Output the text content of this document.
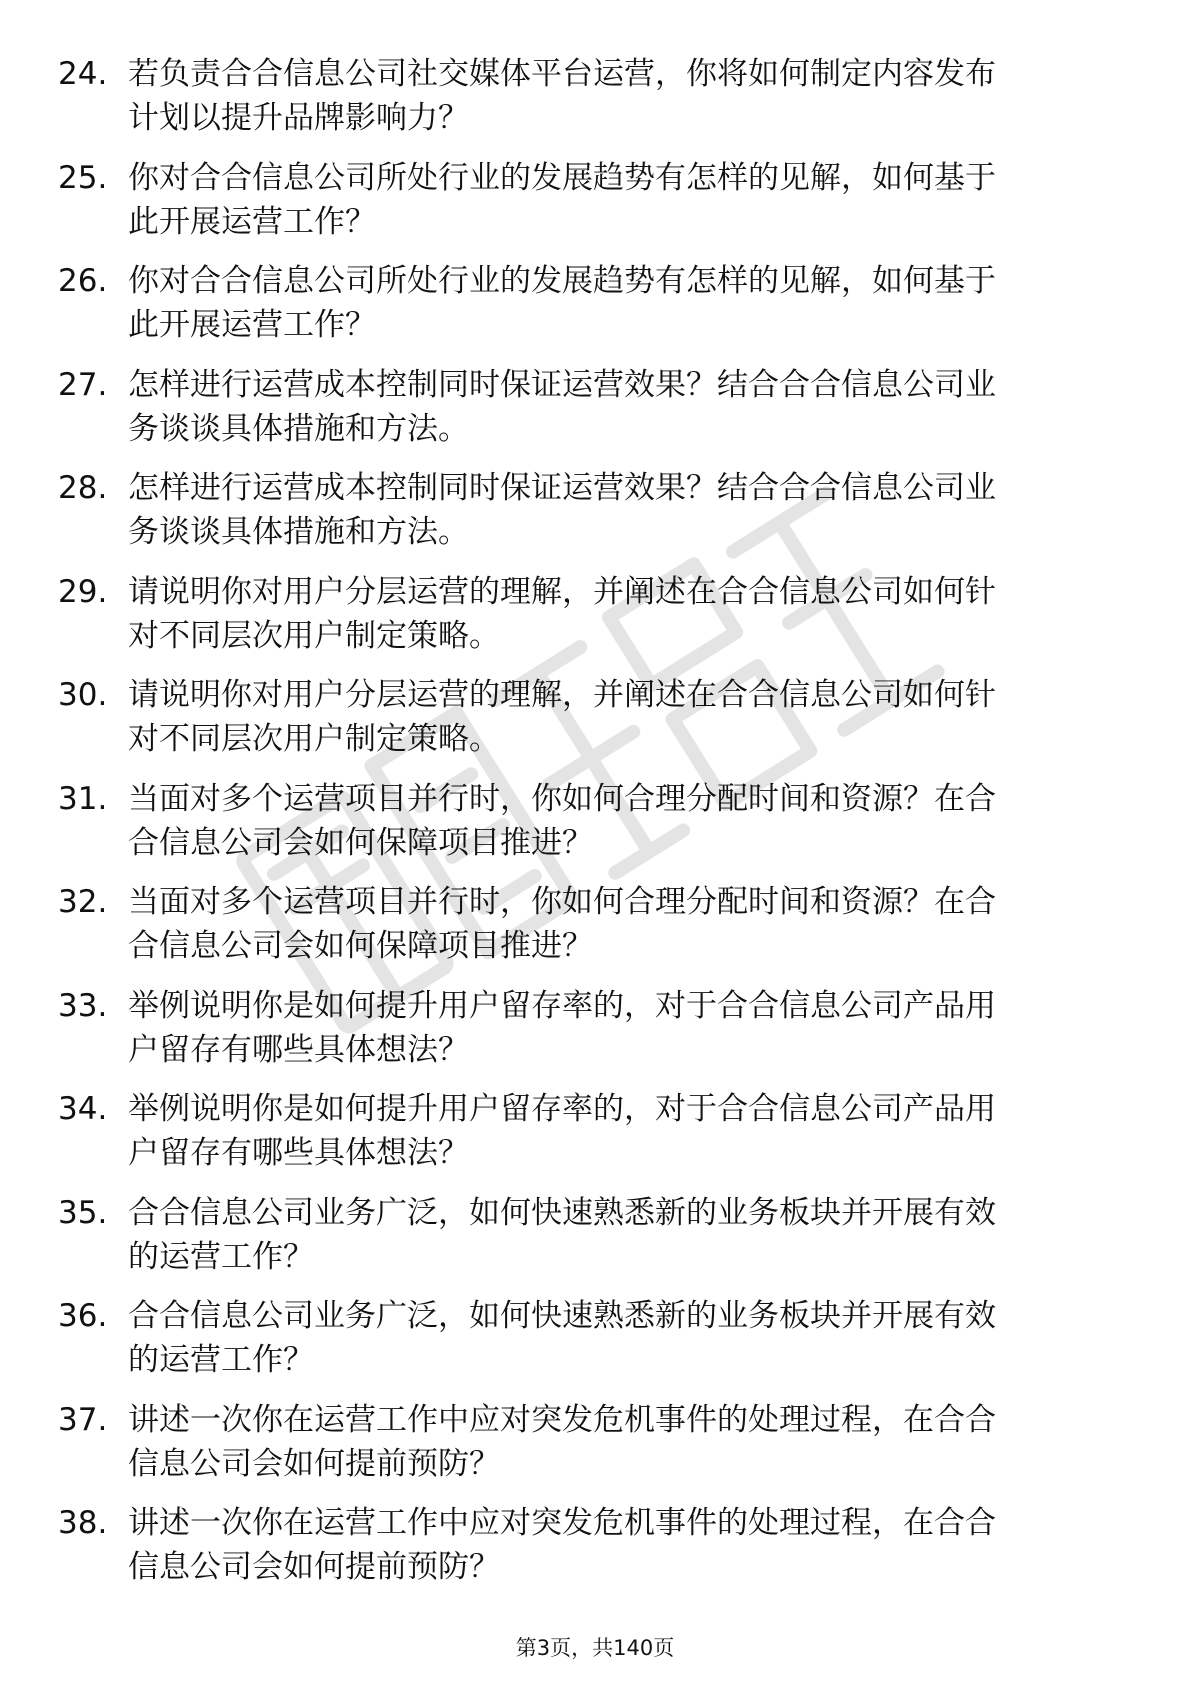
24. 若负责合合信息公司社交媒体平台运营，你将如何制定内容发布
计划以提升品牌影响力？
25. 你对合合信息公司所处行业的发展趋势有怎样的见解，如何基于
此开展运营工作？
26. 你对合合信息公司所处行业的发展趋势有怎样的见解，如何基于
此开展运营工作？
27. 怎样进行运营成本控制同时保证运营效果？结合合合信息公司业
务谈谈具体措施和方法。
28. 怎样进行运营成本控制同时保证运营效果？结合合合信息公司业
务谈谈具体措施和方法。
29. 请说明你对用户分层运营的理解，并阐述在合合信息公司如何针
对不同层次用户制定策略。
30. 请说明你对用户分层运营的理解，并阐述在合合信息公司如何针
对不同层次用户制定策略。
31. 当面对多个运营项目并行时，你如何合理分配时间和资源？在合
合信息公司会如何保障项目推进？
32. 当面对多个运营项目并行时，你如何合理分配时间和资源？在合
合信息公司会如何保障项目推进？
33. 举例说明你是如何提升用户留存率的，对于合合信息公司产品用
户留存有哪些具体想法？
34. 举例说明你是如何提升用户留存率的，对于合合信息公司产品用
户留存有哪些具体想法？
35. 合合信息公司业务广泛，如何快速熟悉新的业务板块并开展有效
的运营工作？
36. 合合信息公司业务广泛，如何快速熟悉新的业务板块并开展有效
的运营工作？
37. 讲述一次你在运营工作中应对突发危机事件的处理过程，在合合
信息公司会如何提前预防？
38. 讲述一次你在运营工作中应对突发危机事件的处理过程，在合合
信息公司会如何提前预防？
第3页，共140页
